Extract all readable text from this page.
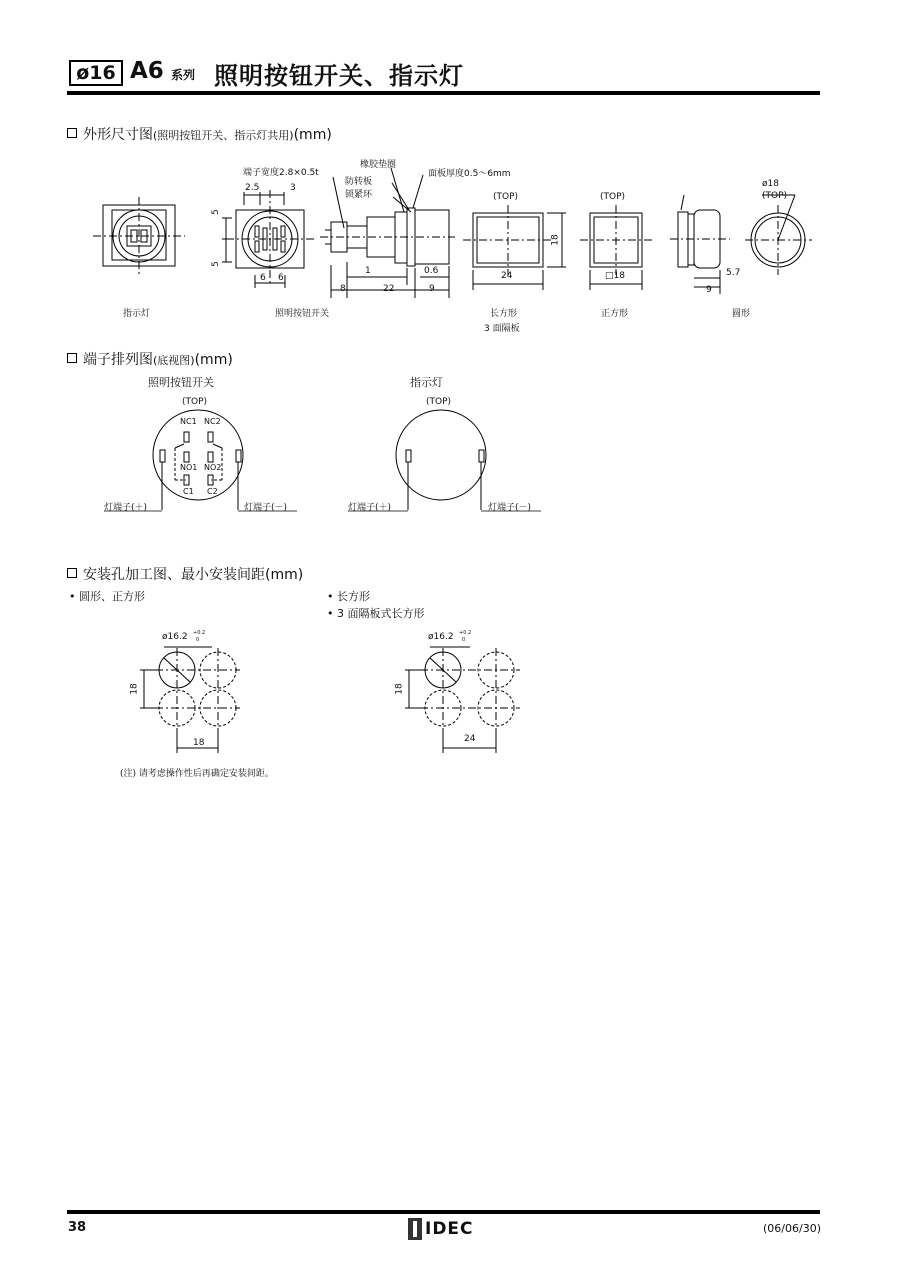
ø16 A6 系列 照明按钮开关、指示灯
外形尺寸图(照明按钮开关、指示灯共用)(mm)
端子宽度2.8×0.5t
橡胶垫圈
防转板
锁紧环
面板厚度0.5～6mm
2.5	3
5
5
6 6
1	0.6
8	22	9
(TOP)	(TOP)	(TOP)
ø18
18
24	□18	5.7
9
指示灯	照明按钮开关	长方形
3 面隔板
正方形	圆形
端子排列图(底视图)(mm)
照明按钮开关	指示灯
(TOP)	(TOP)
NC1 NC2
NO1 NO2
C1 C2
灯端子(＋)	灯端子(－)	灯端子(＋)	灯端子(－)
安装孔加工图、最小安装间距(mm)
• 圆形、正方形	• 长方形
• 3 面隔板式长方形
ø16.2 +0.2
0	ø16.2 +0.2
0
18
18
18
24
(注) 请考虑操作性后再确定安装间距。
38	IDEC	(06/06/30)
